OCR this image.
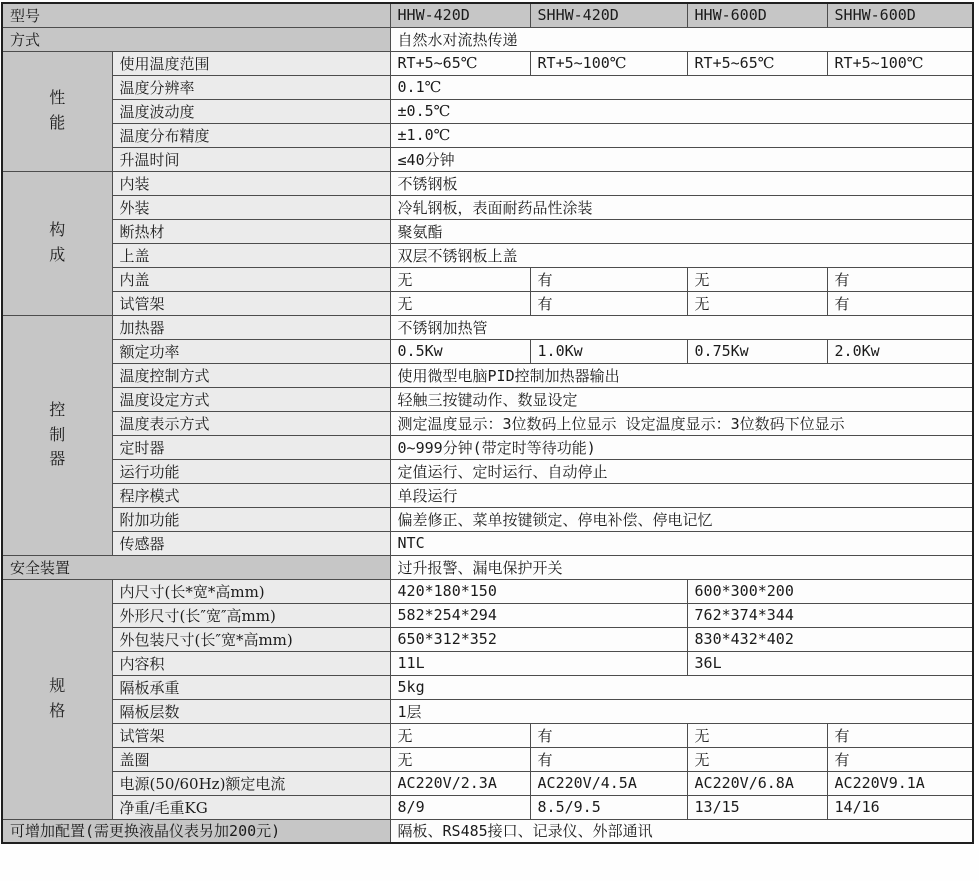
型号		HHW-420D	SHHW-420D	HHW-600D	SHHW-600D
方式		自然水对流热传递			
性能	使用温度范围	RT+5~65℃	RT+5~100℃	RT+5~65℃	RT+5~100℃
	温度分辨率	0.1℃			
	温度波动度	±0.5℃			
	温度分布精度	±1.0℃			
	升温时间	≤40分钟			
构成	内装	不锈钢板			
	外装	冷轧钢板，表面耐药品性涂装			
	断热材	聚氨酯			
	上盖	双层不锈钢板上盖			
	内盖	无	有	无	有
	试管架	无	有	无	有
控制器	加热器	不锈钢加热管			
	额定功率	0.5Kw	1.0Kw	0.75Kw	2.0Kw
	温度控制方式	使用微型电脑PID控制加热器输出			
	温度设定方式	轻触三按键动作、数显设定			
	温度表示方式	测定温度显示：3位数码上位显示 设定温度显示：3位数码下位显示			
	定时器	0~999分钟(带定时等待功能)			
	运行功能	定值运行、定时运行、自动停止			
	程序模式	单段运行			
	附加功能	偏差修正、菜单按键锁定、停电补偿、停电记忆			
	传感器	NTC			
安全装置		过升报警、漏电保护开关			
规格	内尺寸(长*宽*高mm)	420*180*150		600*300*200	
	外形尺寸(长″宽″高mm)	582*254*294		762*374*344	
	外包装尺寸(长″宽*高mm)	650*312*352		830*432*402	
	内容积	11L		36L	
	隔板承重	5kg			
	隔板层数	1层			
	试管架	无	有	无	有
	盖圈	无	有	无	有
	电源(50/60Hz)额定电流	AC220V/2.3A	AC220V/4.5A	AC220V/6.8A	AC220V9.1A
	净重/毛重KG	8/9	8.5/9.5	13/15	14/16
可增加配置(需更换液晶仪表另加200元)		隔板、RS485接口、记录仪、外部通讯			
